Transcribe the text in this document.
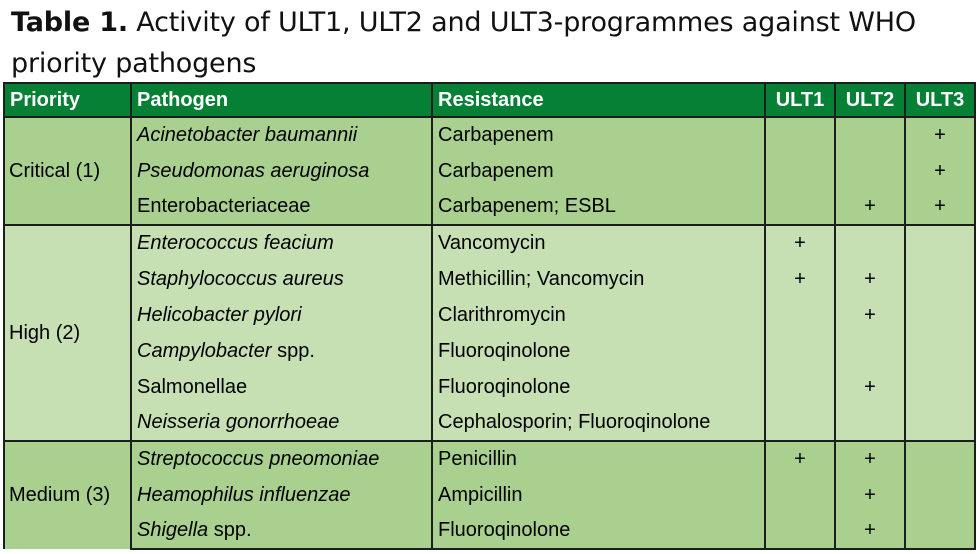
Table 1. Activity of ULT1, ULT2 and ULT3-programmes against WHO priority pathogens
Priority	Pathogen	Resistance	ULT1	ULT2	ULT3
Critical (1)	Acinetobacter baumannii	Carbapenem			+
	Pseudomonas aeruginosa	Carbapenem			+
	Enterobacteriaceae	Carbapenem; ESBL		+	+
High (2)	Enterococcus feacium	Vancomycin	+		
	Staphylococcus aureus	Methicillin; Vancomycin	+	+	
	Helicobacter pylori	Clarithromycin		+	
	Campylobacter spp.	Fluoroqinolone			
	Salmonellae	Fluoroqinolone		+	
	Neisseria gonorrhoeae	Cephalosporin; Fluoroqinolone			
Medium (3)	Streptococcus pneomoniae	Penicillin	+	+	
	Heamophilus influenzae	Ampicillin		+	
	Shigella spp.	Fluoroqinolone		+	
